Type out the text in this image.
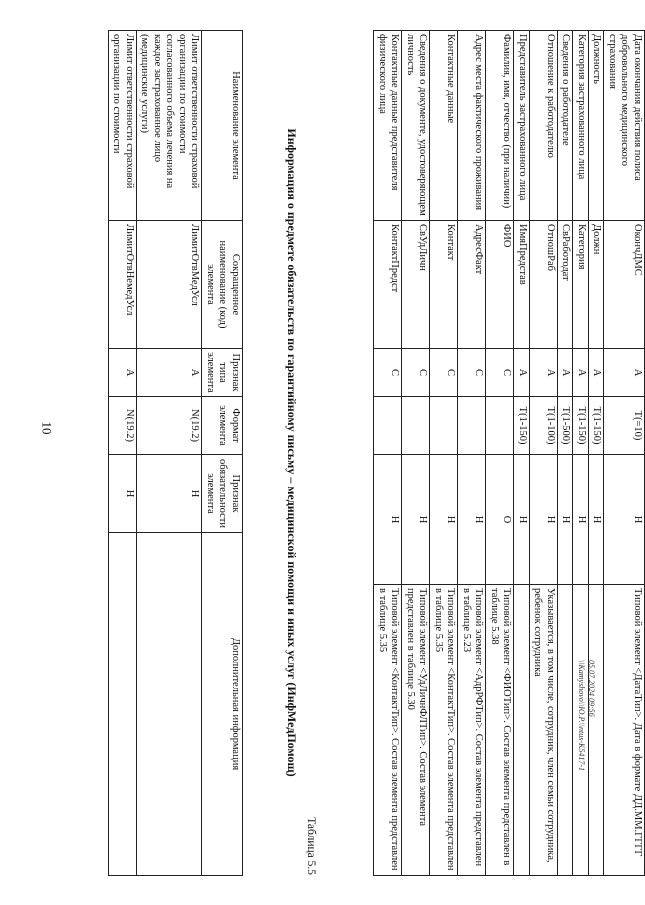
10
Дата окончания действия полиса добровольного медицинского страхования	ОкончДМС	А	T(=10)	Н	Типовой элемент <ДатаТип>. Дата в формате ДД.ММ.ГГГГ
Должность	Должн	А	T(1-150)	Н	
Категория застрахованного лица	Категория	А	T(1-150)	Н	
Сведения о работодателе	СвРаботодат	А	T(1-500)	Н	
Отношение к работодателю	ОтношРаб	А	T(1-100)	Н	Указывается, в том числе, сотрудник, член семьи сотрудника, ребенок сотрудника
Представитель застрахованного лица	ИмяПредстав	А	T(1-150)	Н	
Фамилия, имя, отчество (при наличии)	ФИО	С		О	Типовой элемент <ФИОТип>. Состав элемента представлен в таблице 5.38
Адрес места фактического проживания	АдресФакт	С		Н	Типовой элемент <АдрРФТип>. Состав элемента представлен в таблице 5.23
Контактные данные	Контакт	С		Н	Типовой элемент <КонтактТип>. Состав элемента представлен в таблице 5.35
Сведения о документе, удостоверяющем личность	СвУдЛичн	С		Н	Типовой элемент <УдЛичнФЛТип>. Состав элемента представлен в таблице 5.30
Контактные данные представителя физического лица	КонтактПредст	С		Н	Типовой элемент <КонтактТип>. Состав элемента представлен в таблице 5.35
Таблица 5.5
Информация о предмете обязательств по гарантийному письму – медицинской помощи и иных услуг (ИнфМедПомощ)
Наименование элемента	Сокращенное наименование (код) элемента	Признак типа элемента	Формат элемента	Признак обязательности элемента	Дополнительная информация
Лимит ответственности страховой организации по стоимости согласованного объема лечения на каждое застрахованное лицо (медицинские услуги)	ЛимитОтвМедУсл	А	N(19.2)	Н	
Лимит ответственности страховой организации по стоимости	ЛимитОтвНемедУсл	А	N(19.2)	Н	
05.07.2024 09:56
\\Kamyshovo\\Ю.Р.\\ntus-K5417-1
